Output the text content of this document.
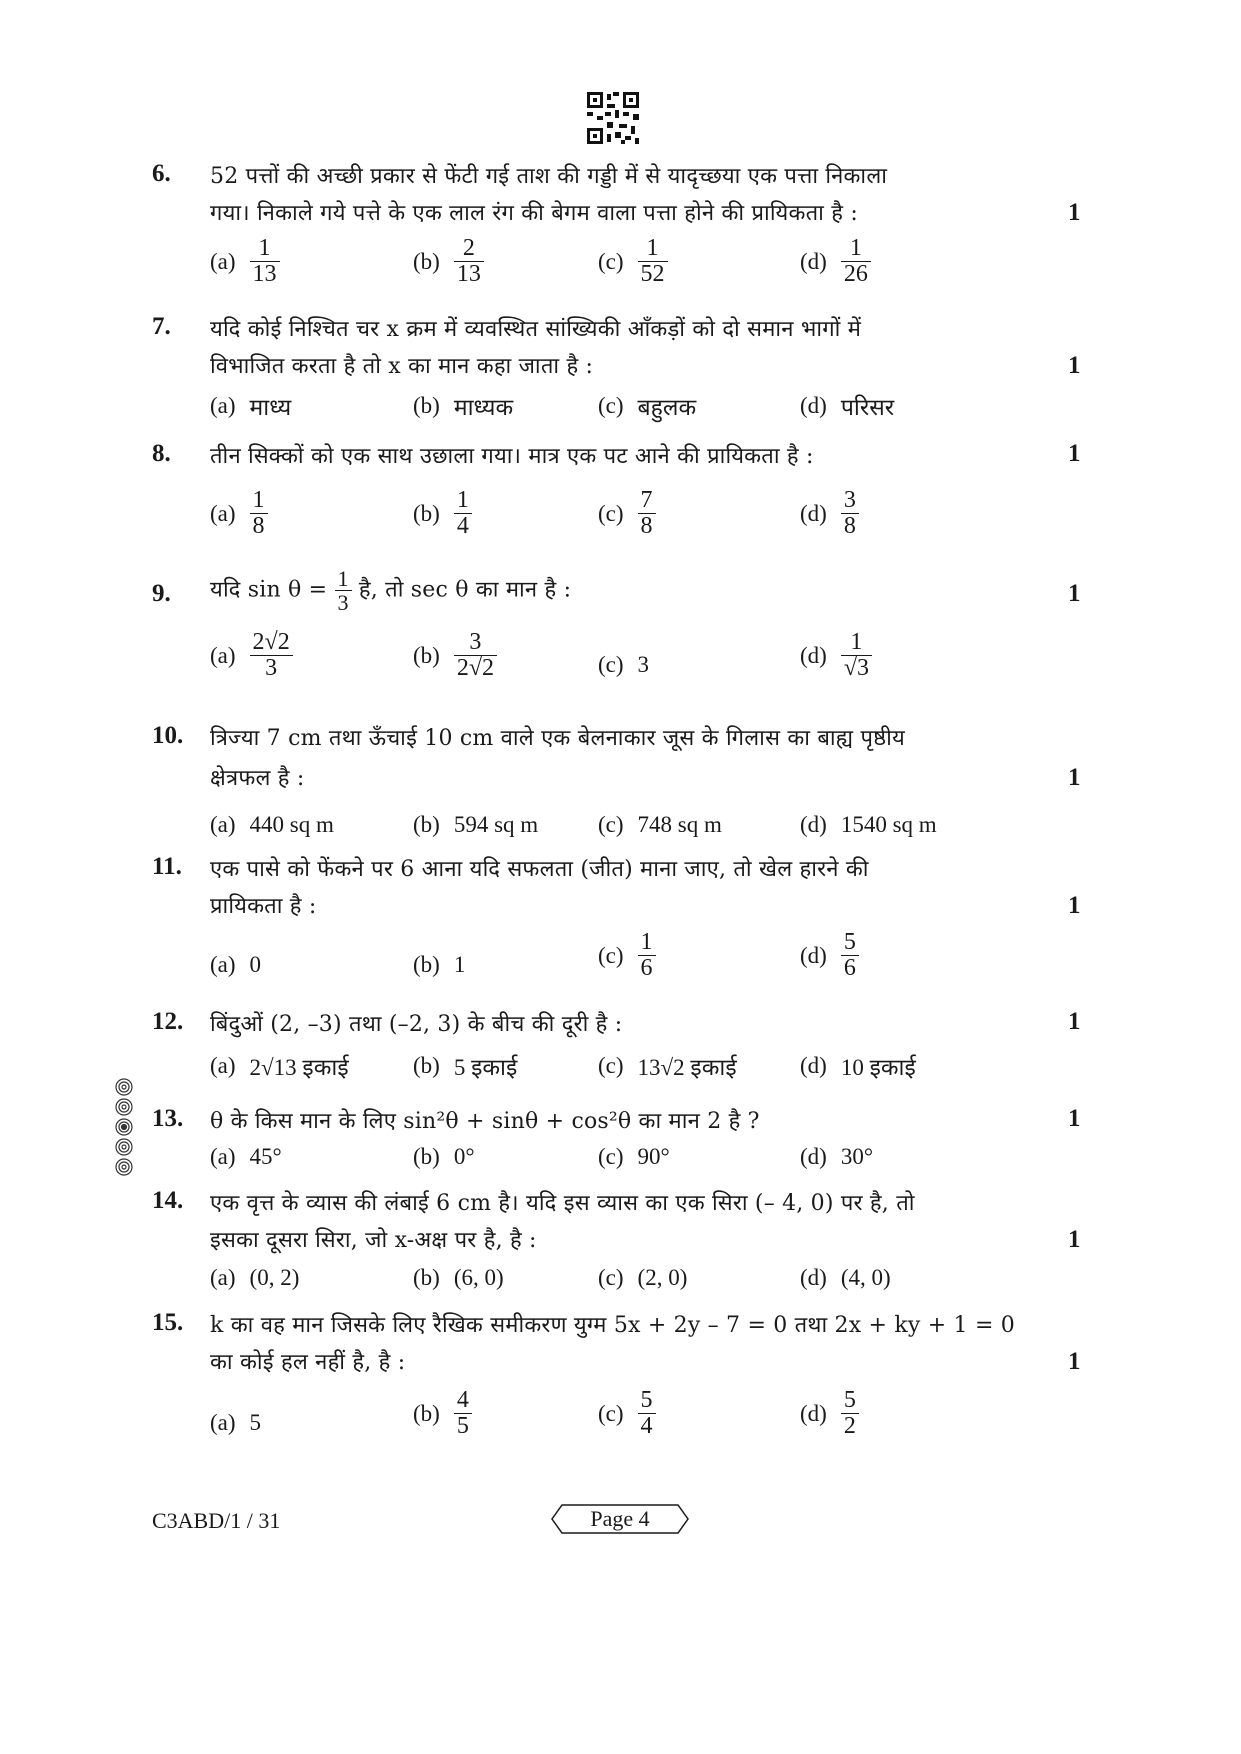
6. 52 पत्तों की अच्छी प्रकार से फेंटी गई ताश की गड्डी में से यादृच्छया एक पत्ता निकाला
गया। निकाले गये पत्ते के एक लाल रंग की बेगम वाला पत्ता होने की प्रायिकता है :	1
$(a) \frac{1}{13}$	$(b) \frac{2}{13}$	$(c) \frac{1}{52}$	$(d) \frac{1}{26}$
7. यदि कोई निश्चित चर x क्रम में व्यवस्थित सांख्यिकी आँकड़ों को दो समान भागों में
विभाजित करता है तो x का मान कहा जाता है :	1
(a) माध्य	(b) माध्यक	(c) बहुलक	(d) परिसर
8. तीन सिक्कों को एक साथ उछाला गया। मात्र एक पट आने की प्रायिकता है :	1
$(a) \frac{1}{8}$	$(b) \frac{1}{4}$	$(c) \frac{7}{8}$	$(d) \frac{3}{8}$
9. यदि $\sin \theta = \frac{1}{3}$ है, तो sec θ का मान है :	1
$(a) \frac{2√2}{3}$	$(b) \frac{3}{2√2}$	(c) 3	$(d) \frac{1}{√3}$
10. त्रिज्या 7 cm तथा ऊँचाई 10 cm वाले एक बेलनाकार जूस के गिलास का बाह्य पृष्ठीय
क्षेत्रफल है :	1
(a) 440 sq m	(b) 594 sq m	(c) 748 sq m	(d) 1540 sq m
11. एक पासे को फेंकने पर 6 आना यदि सफलता (जीत) माना जाए, तो खेल हारने की
प्रायिकता है :	1
(a) 0	(b) 1	$(c) \frac{1}{6}$	$(d) \frac{5}{6}$
12. बिंदुओं (2, –3) तथा (–2, 3) के बीच की दूरी है :	1
(a) 2√13 इकाई	(b) 5 इकाई	(c) 13√2 इकाई	(d) 10 इकाई
13. θ के किस मान के लिए sin²θ + sinθ + cos²θ का मान 2 है ?	1
(a) 45°	(b) 0°	(c) 90°	(d) 30°
14. एक वृत्त के व्यास की लंबाई 6 cm है। यदि इस व्यास का एक सिरा (– 4, 0) पर है, तो
इसका दूसरा सिरा, जो x-अक्ष पर है, है :	1
(a) (0, 2)	(b) (6, 0)	(c) (2, 0)	(d) (4, 0)
15. k का वह मान जिसके लिए रैखिक समीकरण युग्म 5x + 2y – 7 = 0 तथा 2x + ky + 1 = 0
का कोई हल नहीं है, है :	1
(a) 5	$(b) \frac{4}{5}$	$(c) \frac{5}{4}$	$(d) \frac{5}{2}$
C3ABD/1 / 31	Page 4
